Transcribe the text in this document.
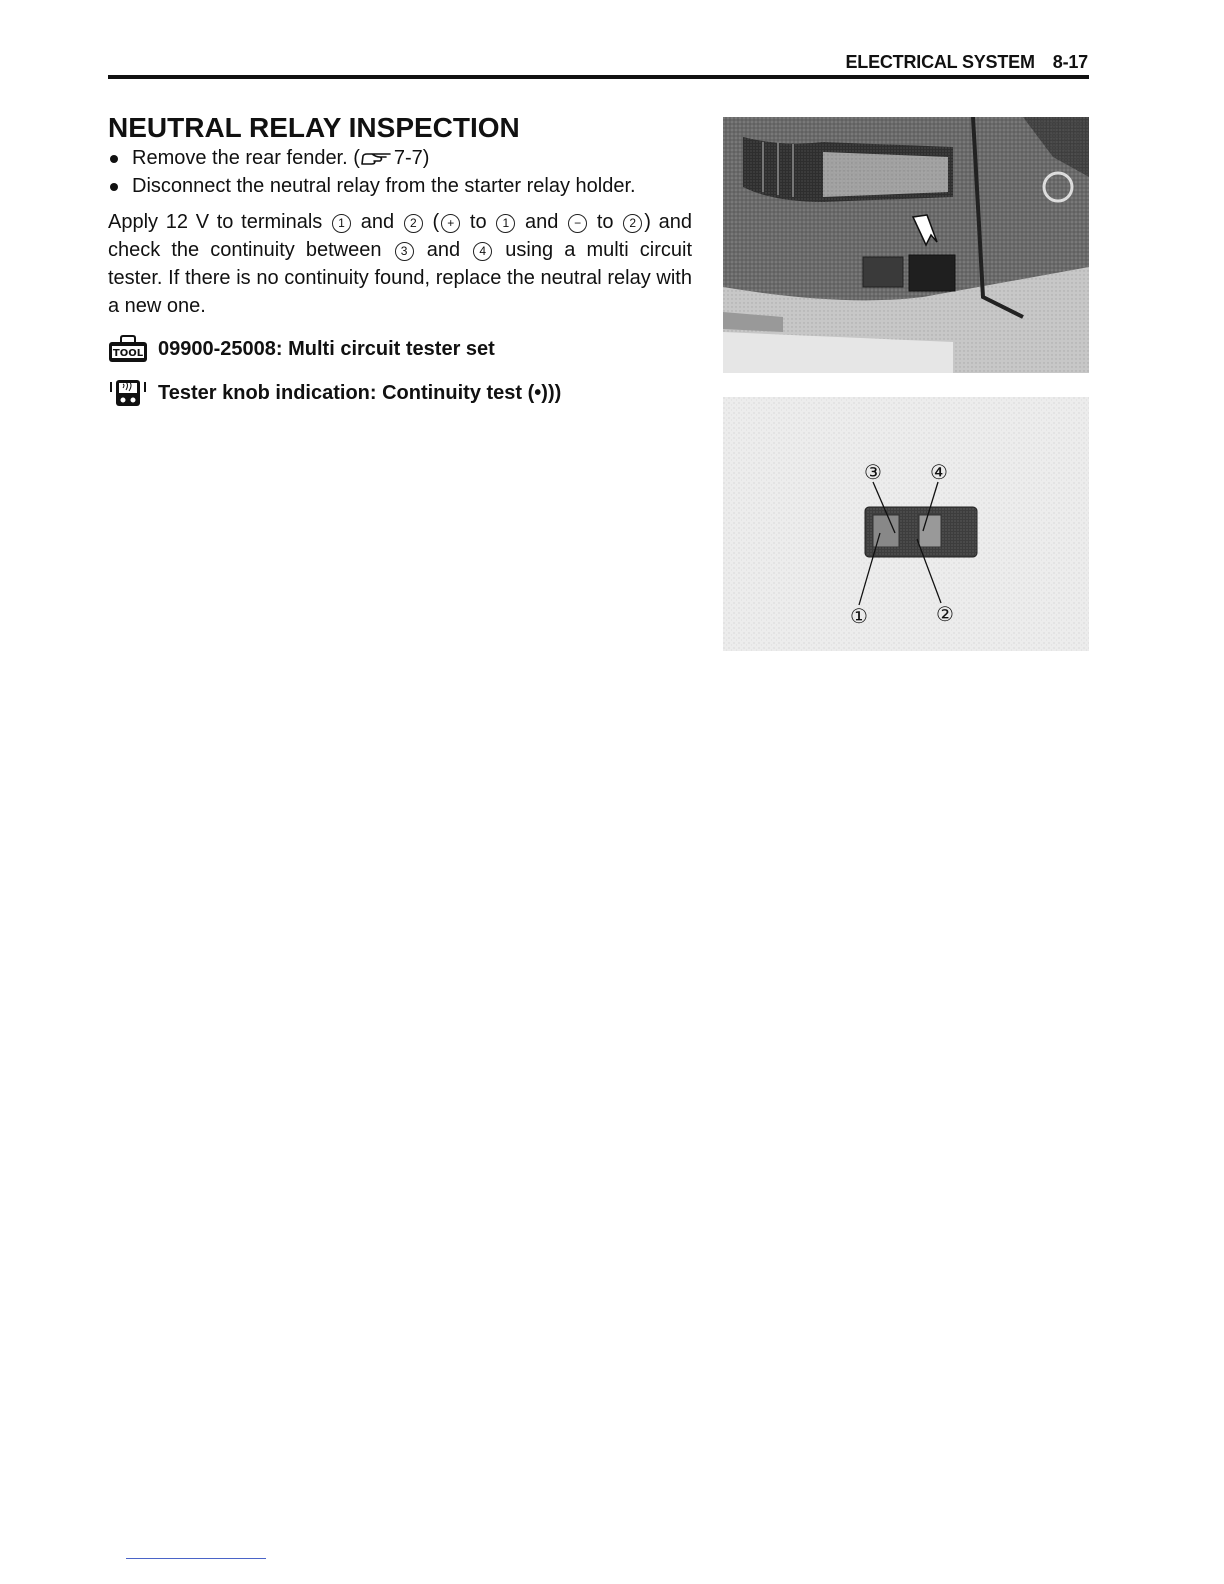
ELECTRICAL SYSTEM 8-17
NEUTRAL RELAY INSPECTION
Remove the rear fender. ( 7-7)
Disconnect the neutral relay from the starter relay holder.

Apply 12 V to terminals 1 and 2 ( + to 1 and − to 2 ) and check the continuity between 3 and 4 using a multi circuit tester. If there is no continuity found, replace the neutral relay with a new one.

TOOL 09900-25008: Multi circuit tester set
Tester knob indication: Continuity test (•)))
③ ④
①	②
